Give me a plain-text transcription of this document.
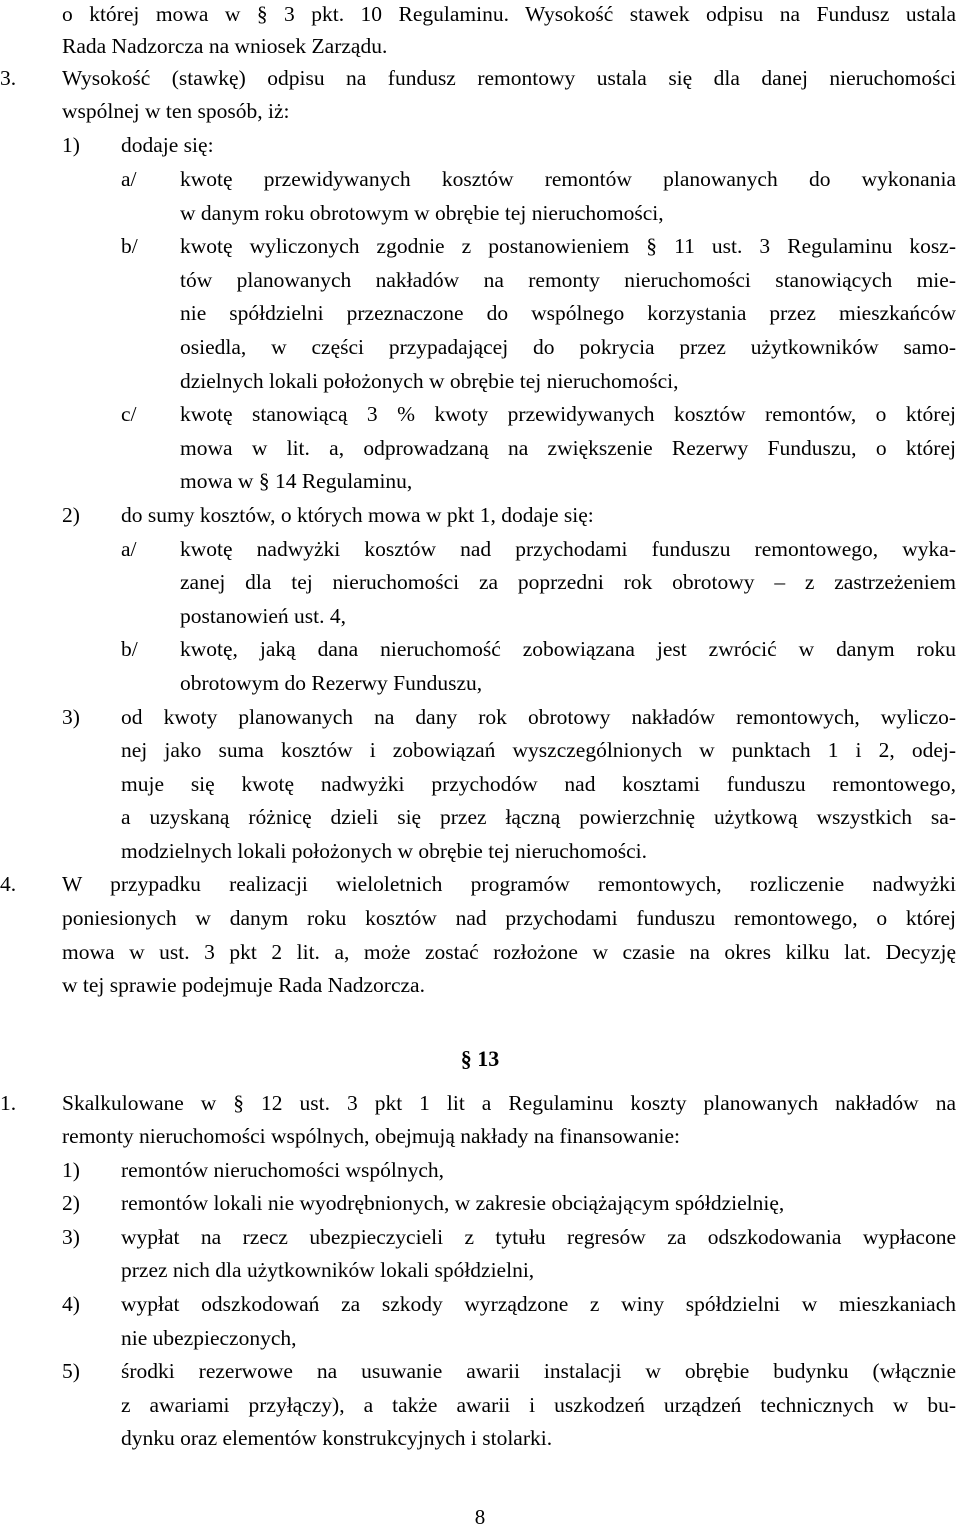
o której mowa w § 3 pkt. 10 Regulaminu. Wysokość stawek odpisu na Fundusz ustala
Rada Nadzorcza na wniosek Zarządu.
3. Wysokość (stawkę) odpisu na fundusz remontowy ustala się dla danej nieruchomości
wspólnej w ten sposób, iż:
1) dodaje się:
a/ kwotę przewidywanych kosztów remontów planowanych do wykonania
w danym roku obrotowym w obrębie tej nieruchomości,
b/ kwotę wyliczonych zgodnie z postanowieniem § 11 ust. 3 Regulaminu kosz-
tów planowanych nakładów na remonty nieruchomości stanowiących mie-
nie spółdzielni przeznaczone do wspólnego korzystania przez mieszkańców
osiedla, w części przypadającej do pokrycia przez użytkowników samo-
dzielnych lokali położonych w obrębie tej nieruchomości,
c/ kwotę stanowiącą 3 % kwoty przewidywanych kosztów remontów, o której
mowa w lit. a, odprowadzaną na zwiększenie Rezerwy Funduszu, o której
mowa w § 14 Regulaminu,
2) do sumy kosztów, o których mowa w pkt 1, dodaje się:
a/ kwotę nadwyżki kosztów nad przychodami funduszu remontowego, wyka-
zanej dla tej nieruchomości za poprzedni rok obrotowy – z zastrzeżeniem
postanowień ust. 4,
b/ kwotę, jaką dana nieruchomość zobowiązana jest zwrócić w danym roku
obrotowym do Rezerwy Funduszu,
3) od kwoty planowanych na dany rok obrotowy nakładów remontowych, wyliczo-
nej jako suma kosztów i zobowiązań wyszczególnionych w punktach 1 i 2, odej-
muje się kwotę nadwyżki przychodów nad kosztami funduszu remontowego,
a uzyskaną różnicę dzieli się przez łączną powierzchnię użytkową wszystkich sa-
modzielnych lokali położonych w obrębie tej nieruchomości.
4. W przypadku realizacji wieloletnich programów remontowych, rozliczenie nadwyżki
poniesionych w danym roku kosztów nad przychodami funduszu remontowego, o której
mowa w ust. 3 pkt 2 lit. a, może zostać rozłożone w czasie na okres kilku lat. Decyzję
w tej sprawie podejmuje Rada Nadzorcza.
§ 13
1. Skalkulowane w § 12 ust. 3 pkt 1 lit a Regulaminu koszty planowanych nakładów na
remonty nieruchomości wspólnych, obejmują nakłady na finansowanie:
1) remontów nieruchomości wspólnych,
2) remontów lokali nie wyodrębnionych, w zakresie obciążającym spółdzielnię,
3) wypłat na rzecz ubezpieczycieli z tytułu regresów za odszkodowania wypłacone
przez nich dla użytkowników lokali spółdzielni,
4) wypłat odszkodowań za szkody wyrządzone z winy spółdzielni w mieszkaniach
nie ubezpieczonych,
5) środki rezerwowe na usuwanie awarii instalacji w obrębie budynku (włącznie
z awariami przyłączy), a także awarii i uszkodzeń urządzeń technicznych w bu-
dynku oraz elementów konstrukcyjnych i stolarki.
8
